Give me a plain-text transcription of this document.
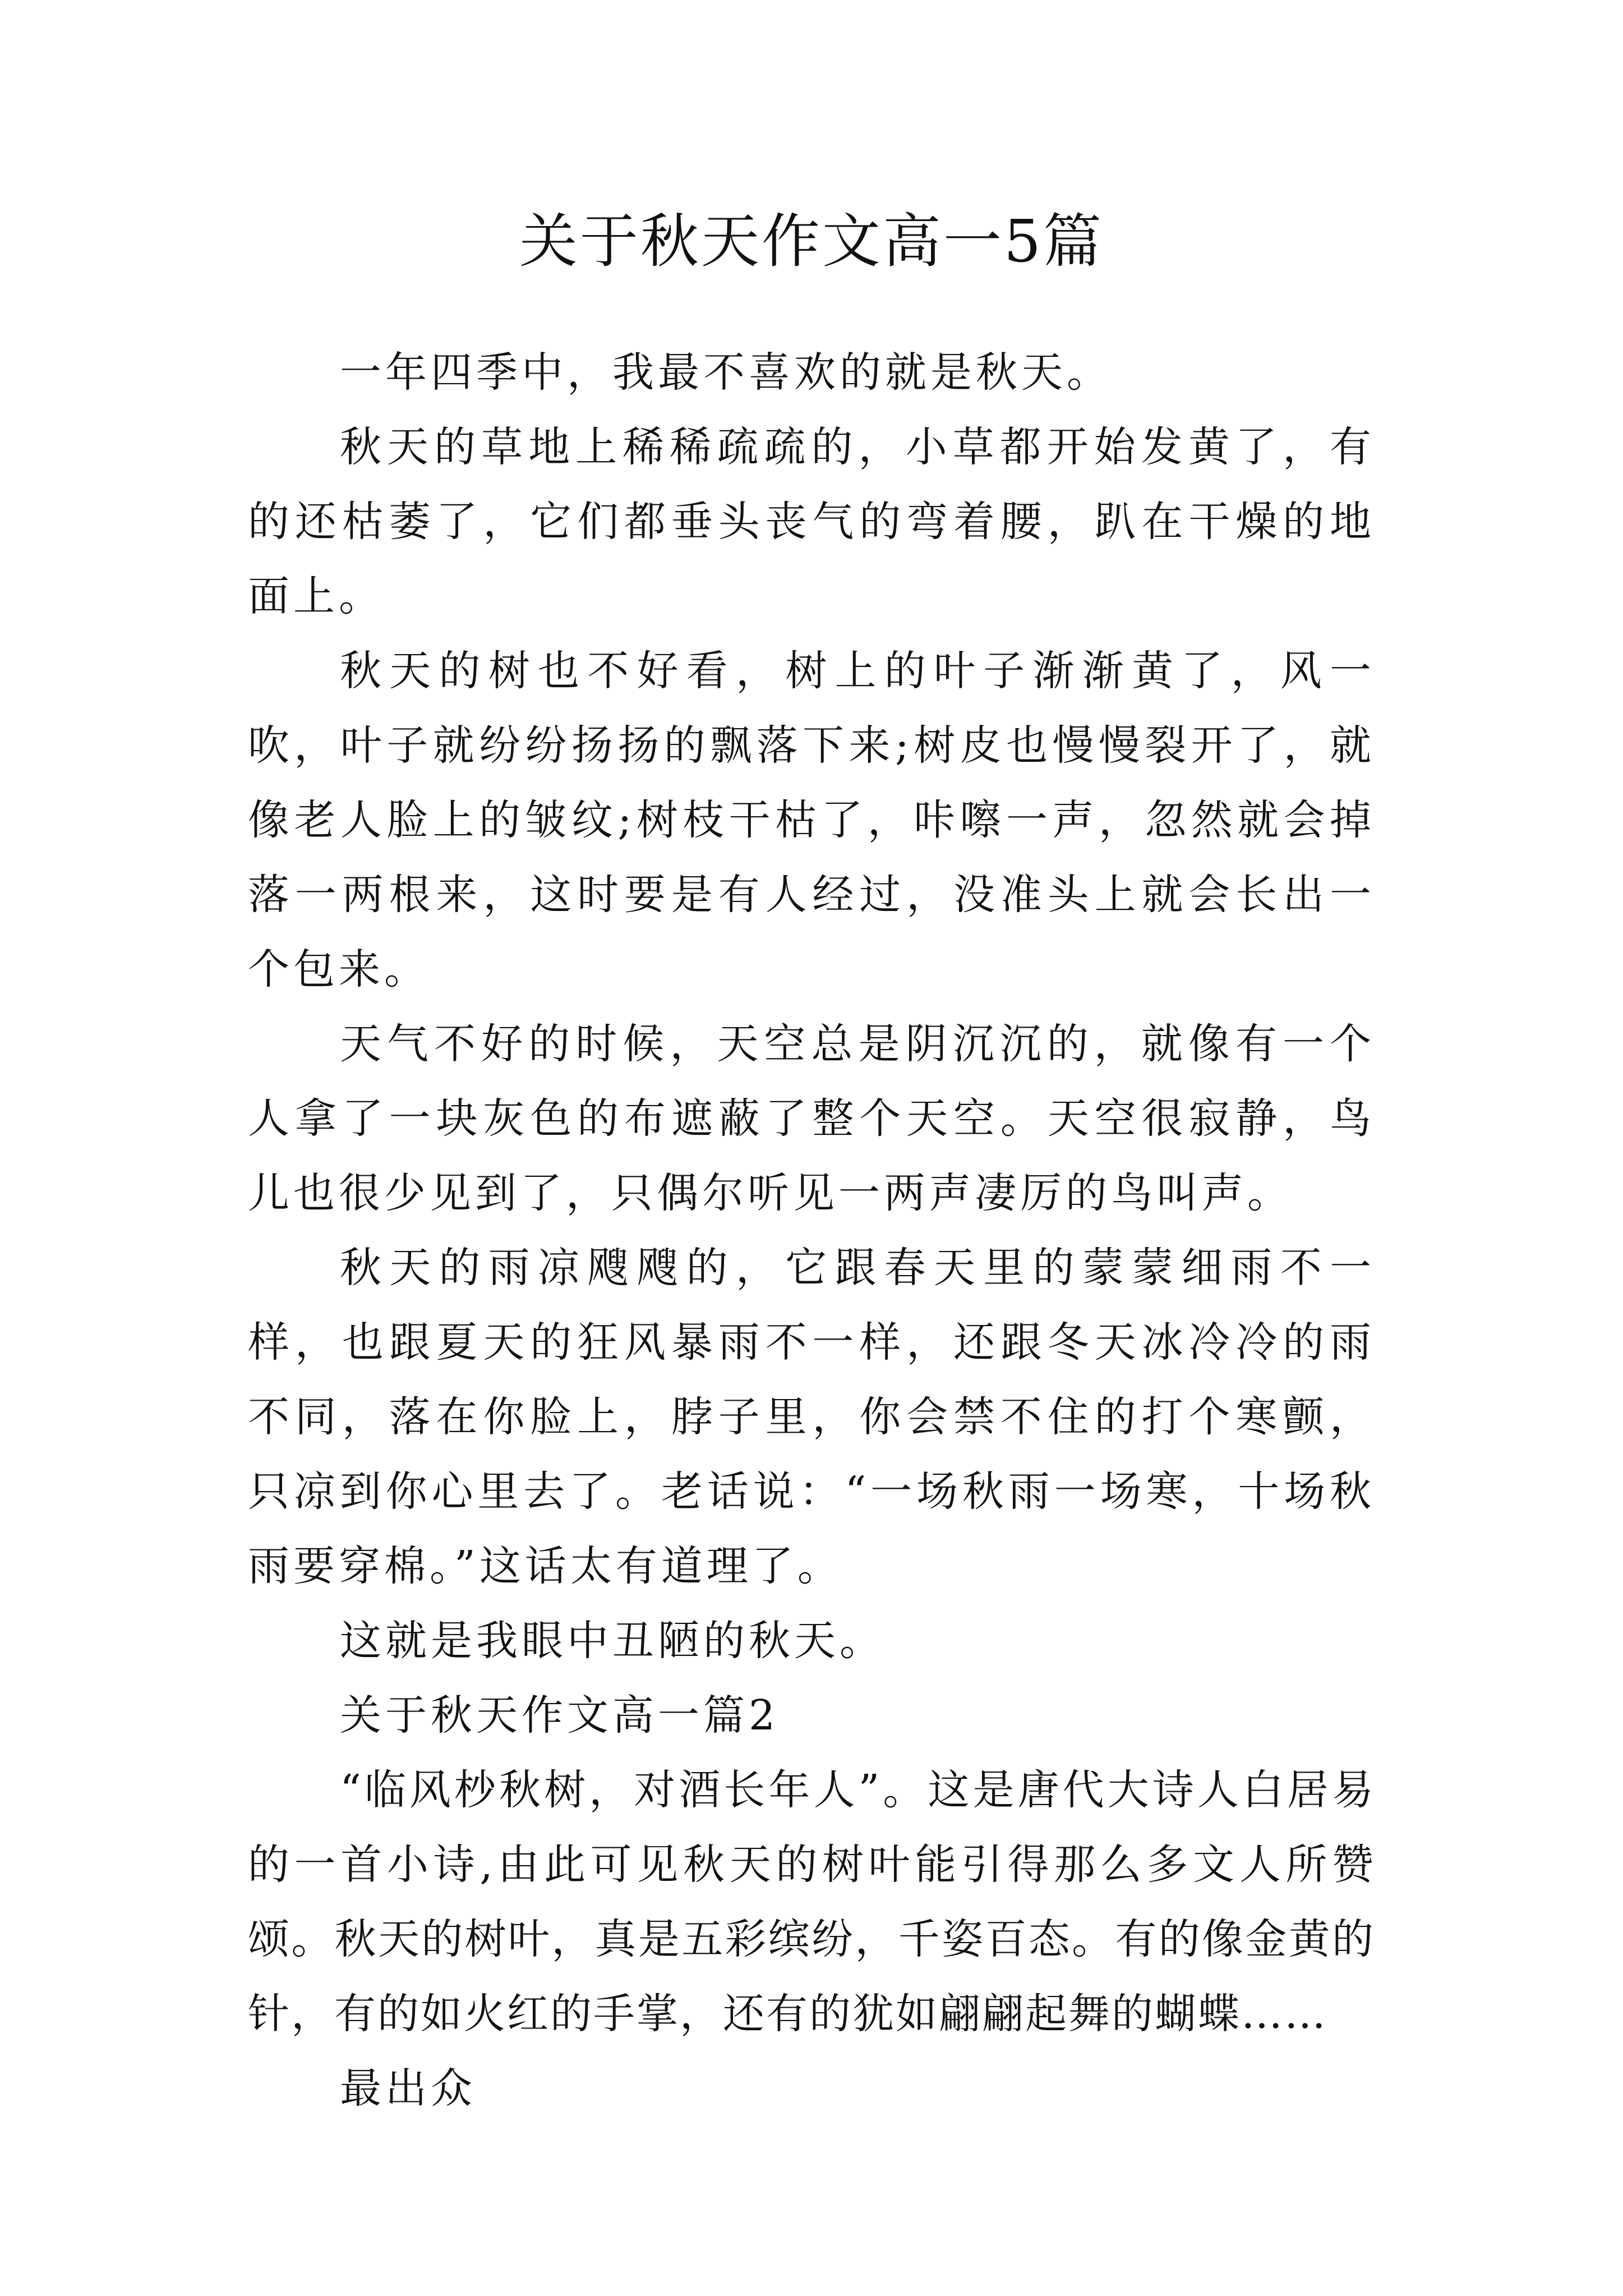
关于秋天作文高一5篇

一年四季中，我最不喜欢的就是秋天。

秋天的草地上稀稀疏疏的，小草都开始发黄了，有的还枯萎了，它们都垂头丧气的弯着腰，趴在干燥的地面上。

秋天的树也不好看，树上的叶子渐渐黄了，风一吹，叶子就纷纷扬扬的飘落下来;树皮也慢慢裂开了，就像老人脸上的皱纹;树枝干枯了，咔嚓一声，忽然就会掉落一两根来，这时要是有人经过，没准头上就会长出一个包来。

天气不好的时候，天空总是阴沉沉的，就像有一个人拿了一块灰色的布遮蔽了整个天空。天空很寂静，鸟儿也很少见到了，只偶尔听见一两声凄厉的鸟叫声。

秋天的雨凉飕飕的，它跟春天里的蒙蒙细雨不一样，也跟夏天的狂风暴雨不一样，还跟冬天冰冷冷的雨不同，落在你脸上，脖子里，你会禁不住的打个寒颤，只凉到你心里去了。老话说：“一场秋雨一场寒，十场秋雨要穿棉。”这话太有道理了。

这就是我眼中丑陋的秋天。

关于秋天作文高一篇2

“临风杪秋树，对酒长年人”。这是唐代大诗人白居易的一首小诗,由此可见秋天的树叶能引得那么多文人所赞颂。秋天的树叶，真是五彩缤纷，千姿百态。有的像金黄的针，有的如火红的手掌，还有的犹如翩翩起舞的蝴蝶……

最出众
